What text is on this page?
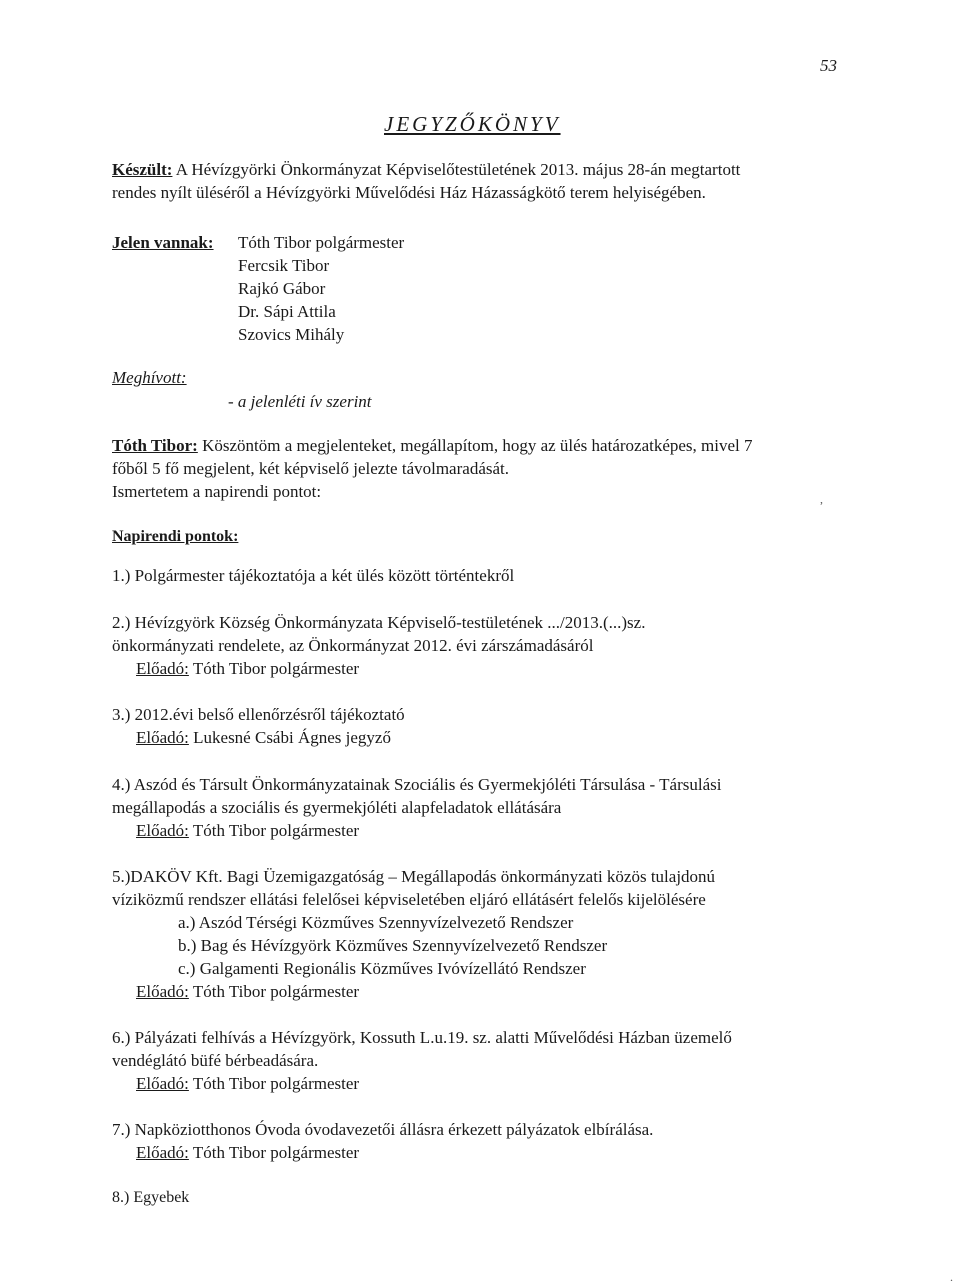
53
JEGYZŐKÖNYV
Készült: A Hévízgyörki Önkormányzat Képviselőtestületének 2013. május 28-án megtartott
rendes nyílt üléséről a Hévízgyörki Művelődési Ház Házasságkötő terem helyiségében.
Jelen vannak: Tóth Tibor polgármester
Fercsik Tibor
Rajkó Gábor
Dr. Sápi Attila
Szovics Mihály
Meghívott:
- a jelenléti ív szerint
Tóth Tibor: Köszöntöm a megjelenteket, megállapítom, hogy az ülés határozatképes, mivel 7
főből 5 fő megjelent, két képviselő jelezte távolmaradását.
Ismertetem a napirendi pontot:
Napirendi pontok:
1.) Polgármester tájékoztatója a két ülés között történtekről
2.) Hévízgyörk Község Önkormányzata Képviselő-testületének .../2013.(...)sz.
önkormányzati rendelete, az Önkormányzat 2012. évi zárszámadásáról
Előadó: Tóth Tibor polgármester
3.) 2012.évi belső ellenőrzésről tájékoztató
Előadó: Lukesné Csábi Ágnes jegyző
4.) Aszód és Társult Önkormányzatainak Szociális és Gyermekjóléti Társulása - Társulási
megállapodás a szociális és gyermekjóléti alapfeladatok ellátására
Előadó: Tóth Tibor polgármester
5.)DAKÖV Kft. Bagi Üzemigazgatóság – Megállapodás önkormányzati közös tulajdonú
víziközmű rendszer ellátási felelősei képviseletében eljáró ellátásért felelős kijelölésére
a.) Aszód Térségi Közműves Szennyvízelvezető Rendszer
b.) Bag és Hévízgyörk Közműves Szennyvízelvezető Rendszer
c.) Galgamenti Regionális Közműves Ivóvízellátó Rendszer
Előadó: Tóth Tibor polgármester
6.) Pályázati felhívás a Hévízgyörk, Kossuth L.u.19. sz. alatti Művelődési Házban üzemelő
vendéglátó büfé bérbeadására.
Előadó: Tóth Tibor polgármester
7.) Napköziotthonos Óvoda óvodavezetői állásra érkezett pályázatok elbírálása.
Előadó: Tóth Tibor polgármester
8.) Egyebek
,
.
